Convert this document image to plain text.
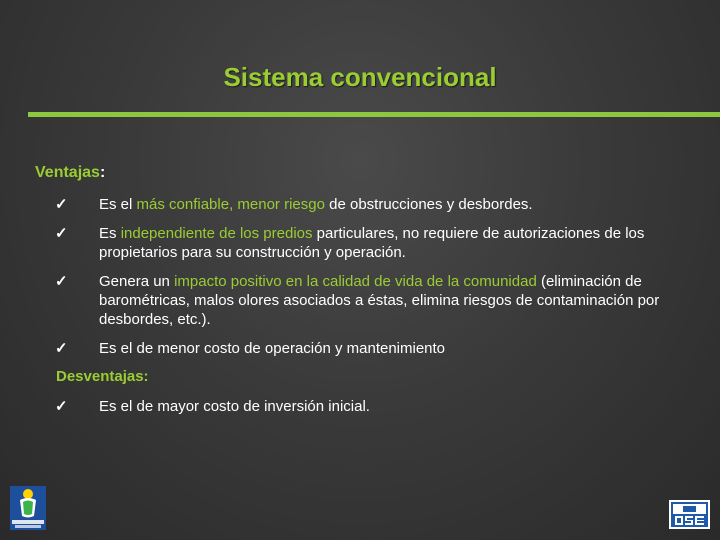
Sistema convencional
Ventajas:
✓ Es el más confiable, menor riesgo de obstrucciones y desbordes.
✓ Es independiente de los predios particulares, no requiere de autorizaciones de los propietarios para su construcción y operación.
✓ Genera un impacto positivo en la calidad de vida de la comunidad (eliminación de barométricas, malos olores asociados a éstas, elimina riesgos de contaminación por desbordes, etc.).
✓ Es el de menor costo de operación y mantenimiento
Desventajas:
✓ Es el de mayor costo de inversión inicial.
